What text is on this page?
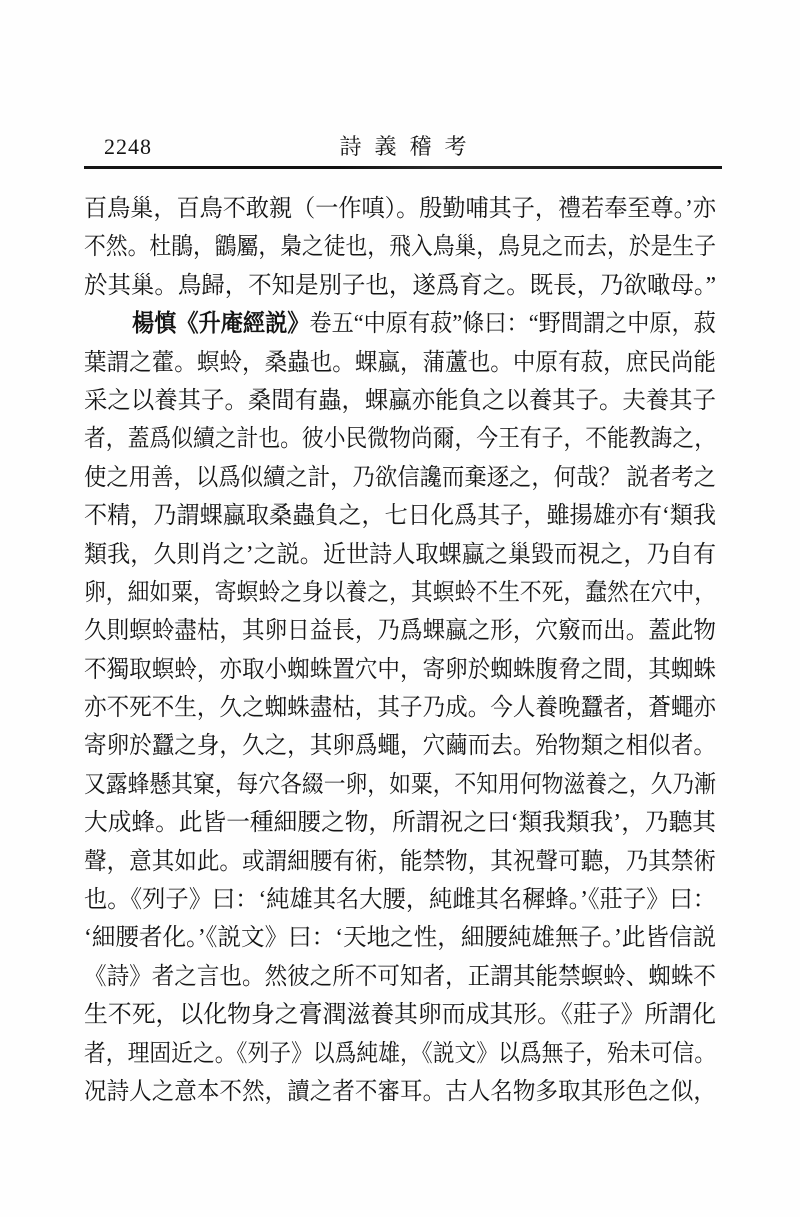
2248	詩義稽考
百鳥巢，百鳥不敢親（一作嗔）。殷勤哺其子，禮若奉至尊。’亦
不然。杜鵑，鶹屬，梟之徒也，飛入鳥巢，鳥見之而去，於是生子
於其巢。鳥歸，不知是別子也，遂爲育之。既長，乃欲噉母。”
楊慎《升庵經説》卷五“中原有菽”條曰：“野間謂之中原，菽
葉謂之藿。螟蛉，桑蟲也。蜾蠃，蒲蘆也。中原有菽，庶民尚能
采之以養其子。桑間有蟲，蜾蠃亦能負之以養其子。夫養其子
者，蓋爲似續之計也。彼小民微物尚爾，今王有子，不能教誨之，
使之用善，以爲似續之計，乃欲信讒而棄逐之，何哉？ 説者考之
不精，乃謂蜾蠃取桑蟲負之，七日化爲其子，雖揚雄亦有‘類我
類我，久則肖之’之説。近世詩人取蜾蠃之巢毀而視之，乃自有
卵，細如粟，寄螟蛉之身以養之，其螟蛉不生不死，蠢然在穴中，
久則螟蛉盡枯，其卵日益長，乃爲蜾蠃之形，穴竅而出。蓋此物
不獨取螟蛉，亦取小蜘蛛置穴中，寄卵於蜘蛛腹脅之間，其蜘蛛
亦不死不生，久之蜘蛛盡枯，其子乃成。今人養晚蠶者，蒼蠅亦
寄卵於蠶之身，久之，其卵爲蠅，穴繭而去。殆物類之相似者。
又露蜂懸其窠，每穴各綴一卵，如粟，不知用何物滋養之，久乃漸
大成蜂。此皆一種細腰之物，所謂祝之曰‘類我類我’，乃聽其
聲，意其如此。或謂細腰有術，能禁物，其祝聲可聽，乃其禁術
也。《列子》曰：‘純雄其名大腰，純雌其名穉蜂。’《莊子》曰：
‘細腰者化。’《説文》曰：‘天地之性，細腰純雄無子。’此皆信説
《詩》者之言也。然彼之所不可知者，正謂其能禁螟蛉、蜘蛛不
生不死，以化物身之膏潤滋養其卵而成其形。《莊子》所謂化
者，理固近之。《列子》以爲純雄，《説文》以爲無子，殆未可信。
况詩人之意本不然，讀之者不審耳。古人名物多取其形色之似，
